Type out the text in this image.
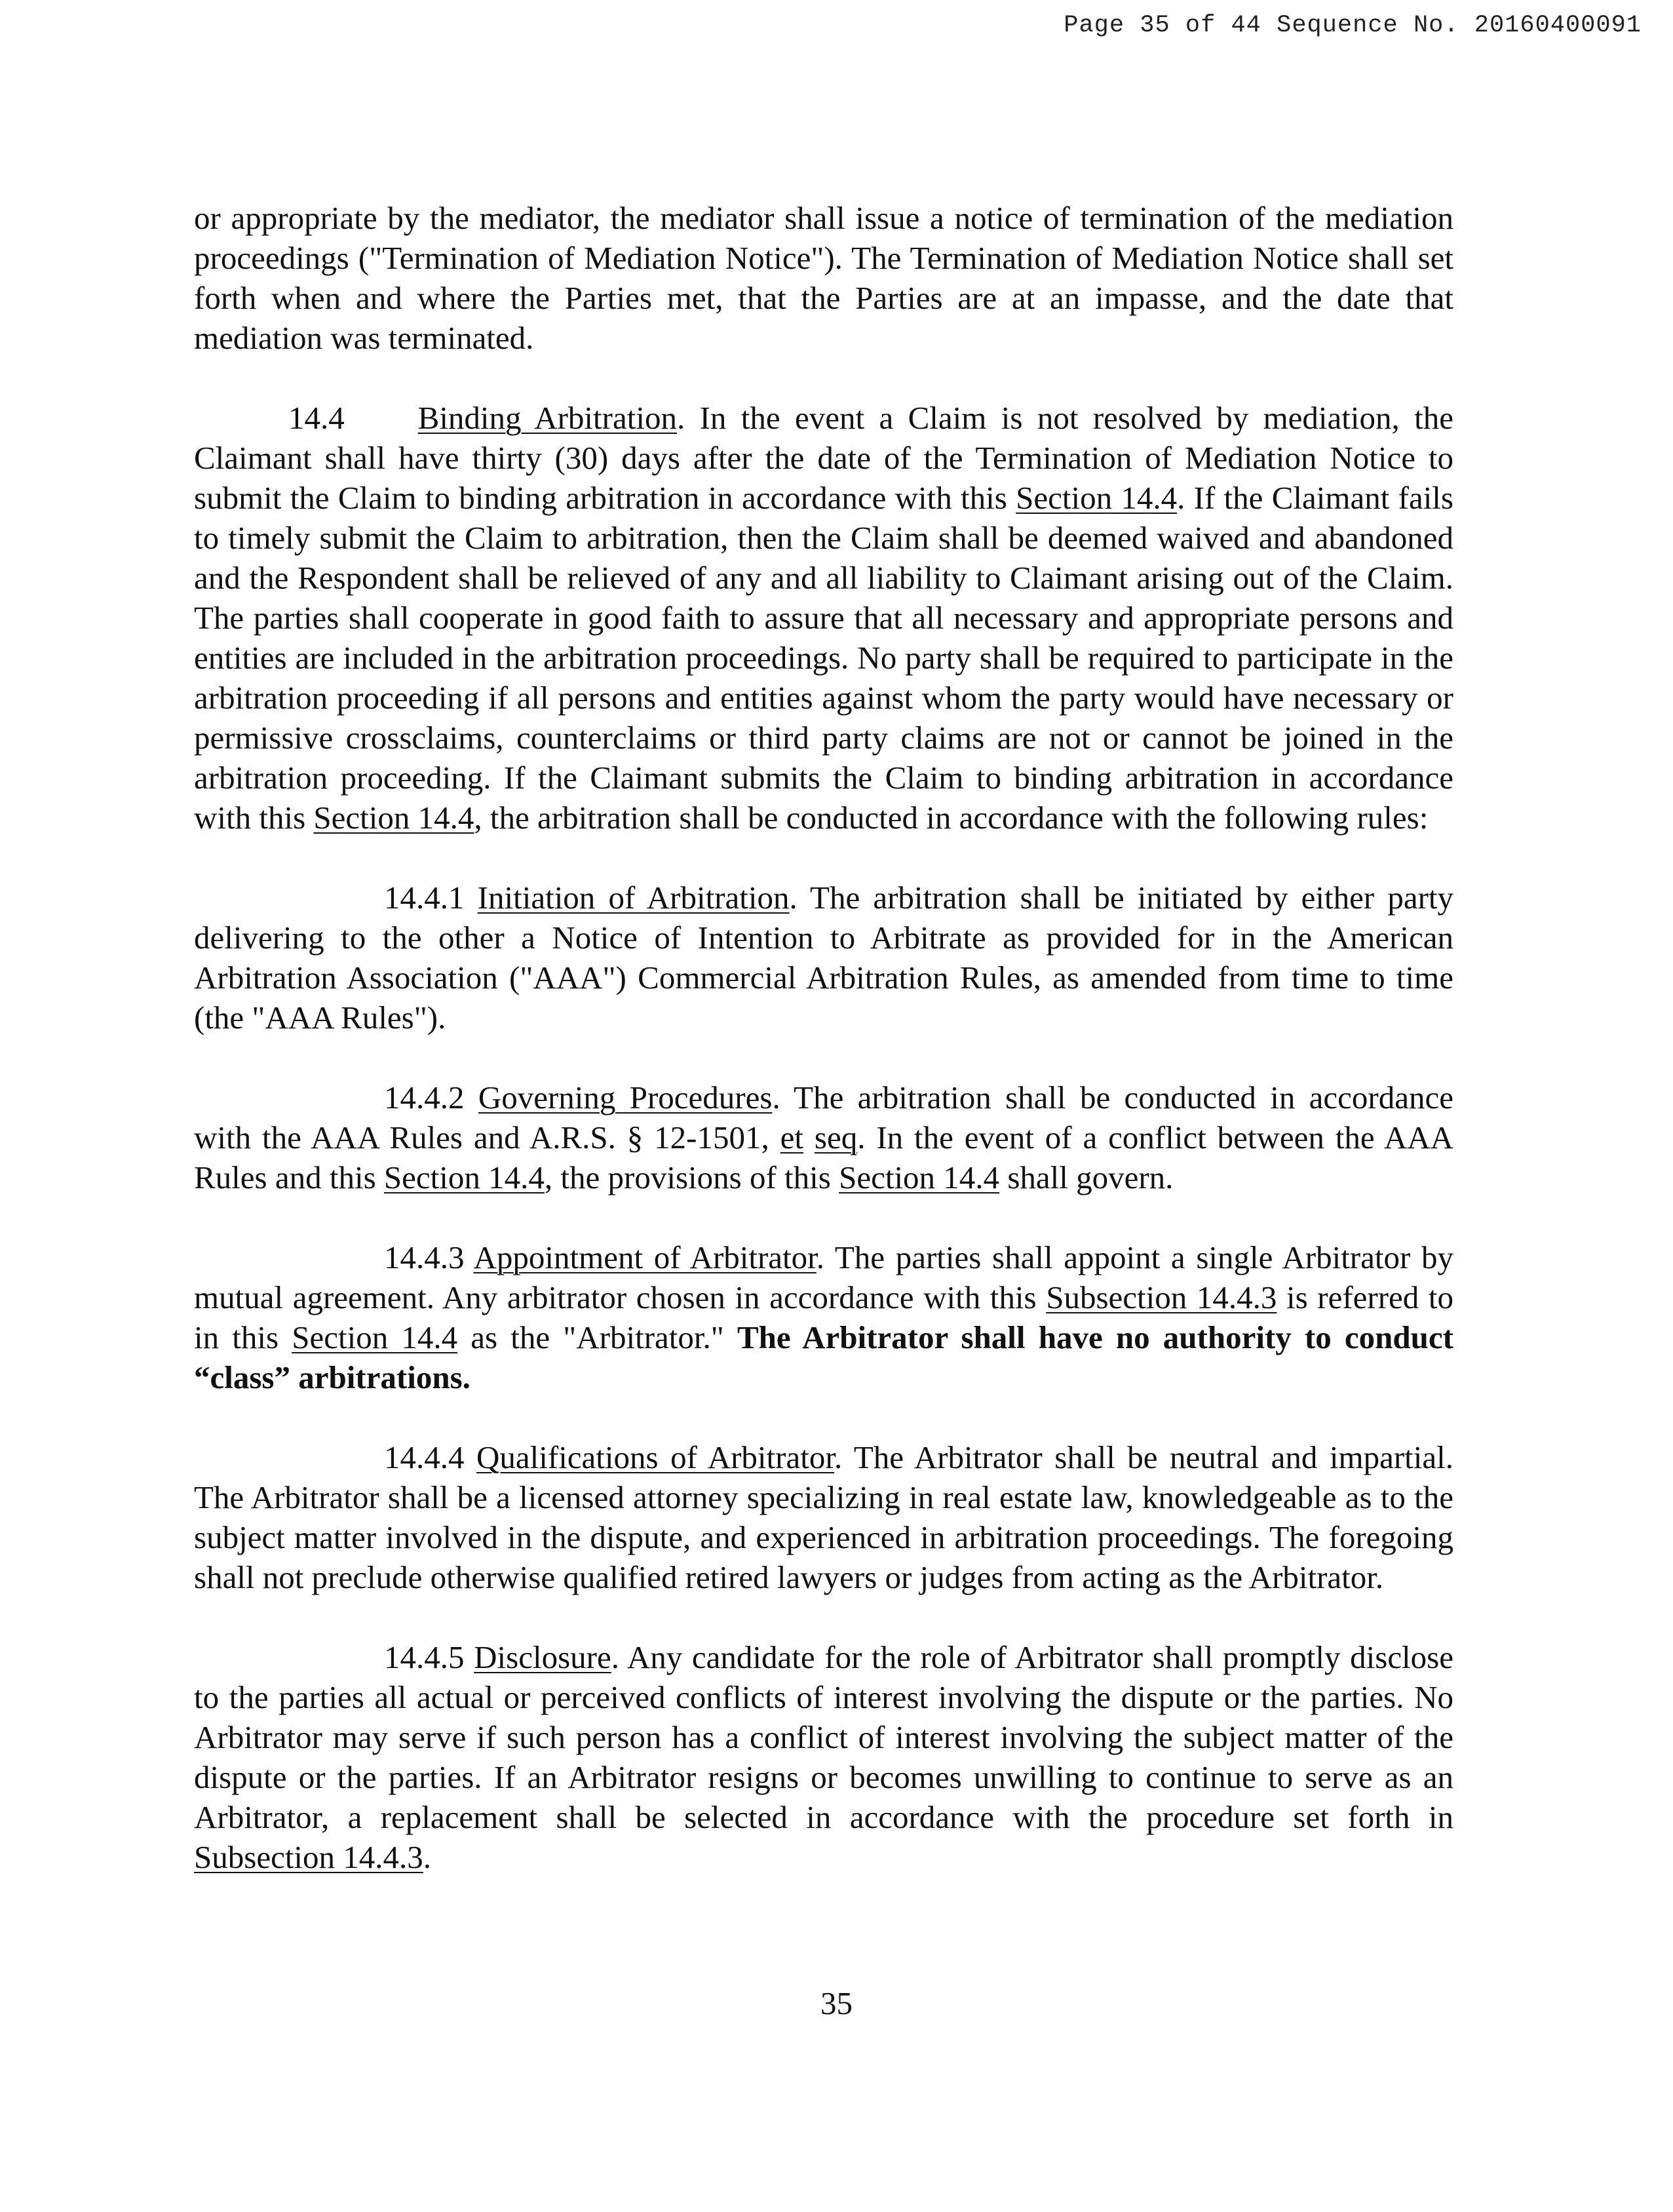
Page 35 of 44 Sequence No. 20160400091

or appropriate by the mediator, the mediator shall issue a notice of termination of the mediation proceedings ("Termination of Mediation Notice"). The Termination of Mediation Notice shall set forth when and where the Parties met, that the Parties are at an impasse, and the date that mediation was terminated.

14.4 Binding Arbitration. In the event a Claim is not resolved by mediation, the Claimant shall have thirty (30) days after the date of the Termination of Mediation Notice to submit the Claim to binding arbitration in accordance with this Section 14.4. If the Claimant fails to timely submit the Claim to arbitration, then the Claim shall be deemed waived and abandoned and the Respondent shall be relieved of any and all liability to Claimant arising out of the Claim. The parties shall cooperate in good faith to assure that all necessary and appropriate persons and entities are included in the arbitration proceedings. No party shall be required to participate in the arbitration proceeding if all persons and entities against whom the party would have necessary or permissive crossclaims, counterclaims or third party claims are not or cannot be joined in the arbitration proceeding. If the Claimant submits the Claim to binding arbitration in accordance with this Section 14.4, the arbitration shall be conducted in accordance with the following rules:

14.4.1 Initiation of Arbitration. The arbitration shall be initiated by either party delivering to the other a Notice of Intention to Arbitrate as provided for in the American Arbitration Association ("AAA") Commercial Arbitration Rules, as amended from time to time (the "AAA Rules").

14.4.2 Governing Procedures. The arbitration shall be conducted in accordance with the AAA Rules and A.R.S. § 12-1501, et seq. In the event of a conflict between the AAA Rules and this Section 14.4, the provisions of this Section 14.4 shall govern.

14.4.3 Appointment of Arbitrator. The parties shall appoint a single Arbitrator by mutual agreement. Any arbitrator chosen in accordance with this Subsection 14.4.3 is referred to in this Section 14.4 as the "Arbitrator." The Arbitrator shall have no authority to conduct “class” arbitrations.

14.4.4 Qualifications of Arbitrator. The Arbitrator shall be neutral and impartial. The Arbitrator shall be a licensed attorney specializing in real estate law, knowledgeable as to the subject matter involved in the dispute, and experienced in arbitration proceedings. The foregoing shall not preclude otherwise qualified retired lawyers or judges from acting as the Arbitrator.

14.4.5 Disclosure. Any candidate for the role of Arbitrator shall promptly disclose to the parties all actual or perceived conflicts of interest involving the dispute or the parties. No Arbitrator may serve if such person has a conflict of interest involving the subject matter of the dispute or the parties. If an Arbitrator resigns or becomes unwilling to continue to serve as an Arbitrator, a replacement shall be selected in accordance with the procedure set forth in Subsection 14.4.3.

35
